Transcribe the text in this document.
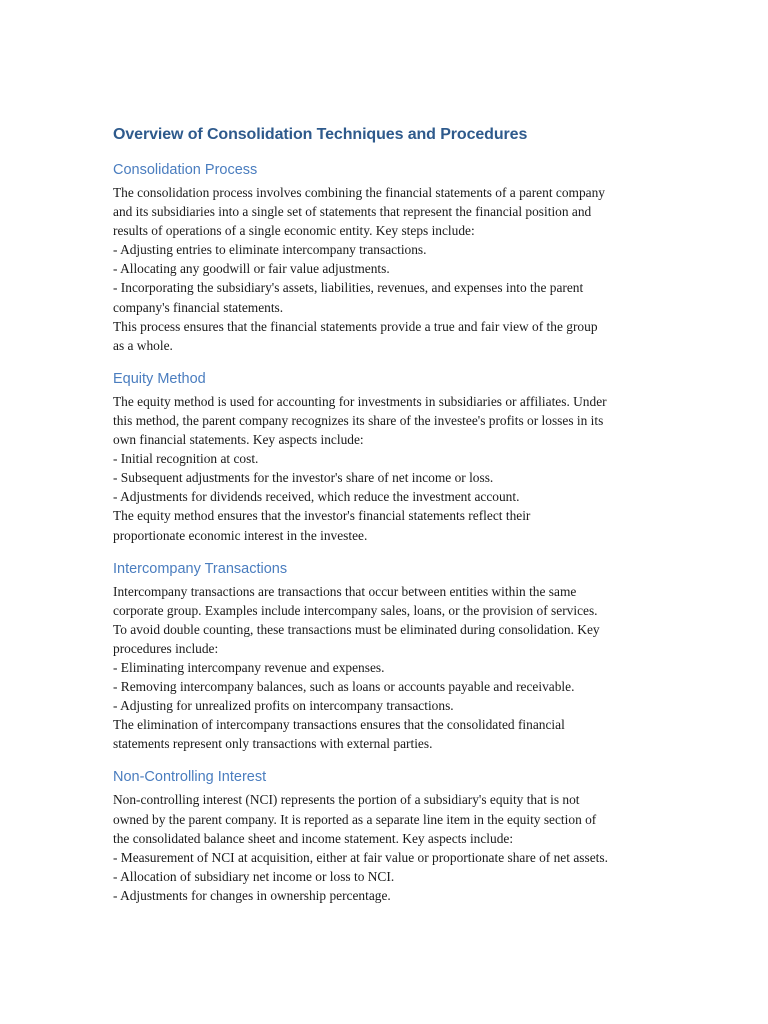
Overview of Consolidation Techniques and Procedures
Consolidation Process

The consolidation process involves combining the financial statements of a parent company
and its subsidiaries into a single set of statements that represent the financial position and
results of operations of a single economic entity. Key steps include:
- Adjusting entries to eliminate intercompany transactions.
- Allocating any goodwill or fair value adjustments.
- Incorporating the subsidiary's assets, liabilities, revenues, and expenses into the parent
company's financial statements.
This process ensures that the financial statements provide a true and fair view of the group
as a whole.

Equity Method

The equity method is used for accounting for investments in subsidiaries or affiliates. Under
this method, the parent company recognizes its share of the investee's profits or losses in its
own financial statements. Key aspects include:
- Initial recognition at cost.
- Subsequent adjustments for the investor's share of net income or loss.
- Adjustments for dividends received, which reduce the investment account.
The equity method ensures that the investor's financial statements reflect their
proportionate economic interest in the investee.

Intercompany Transactions

Intercompany transactions are transactions that occur between entities within the same
corporate group. Examples include intercompany sales, loans, or the provision of services.
To avoid double counting, these transactions must be eliminated during consolidation. Key
procedures include:
- Eliminating intercompany revenue and expenses.
- Removing intercompany balances, such as loans or accounts payable and receivable.
- Adjusting for unrealized profits on intercompany transactions.
The elimination of intercompany transactions ensures that the consolidated financial
statements represent only transactions with external parties.

Non-Controlling Interest

Non-controlling interest (NCI) represents the portion of a subsidiary's equity that is not
owned by the parent company. It is reported as a separate line item in the equity section of
the consolidated balance sheet and income statement. Key aspects include:
- Measurement of NCI at acquisition, either at fair value or proportionate share of net assets.
- Allocation of subsidiary net income or loss to NCI.
- Adjustments for changes in ownership percentage.
